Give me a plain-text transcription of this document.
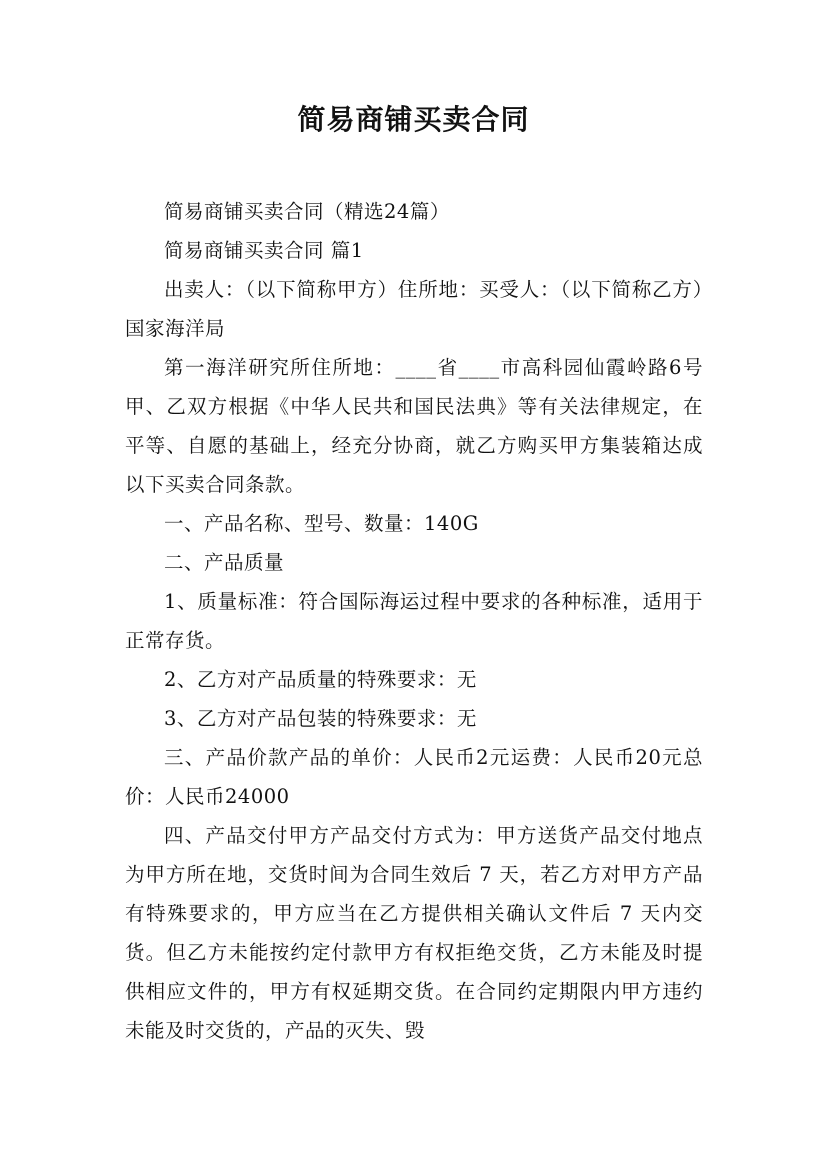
简易商铺买卖合同

简易商铺买卖合同（精选24篇）

简易商铺买卖合同 篇1

出卖人：（以下简称甲方）住所地：买受人：（以下简称乙方）国家海洋局

第一海洋研究所住所地：____省____市高科园仙霞岭路6号甲、乙双方根据《中华人民共和国民法典》等有关法律规定，在平等、自愿的基础上，经充分协商，就乙方购买甲方集装箱达成以下买卖合同条款。

一、产品名称、型号、数量：140G

二、产品质量

1、质量标准：符合国际海运过程中要求的各种标准，适用于正常存货。

2、乙方对产品质量的特殊要求：无

3、乙方对产品包装的特殊要求：无

三、产品价款产品的单价：人民币2元运费：人民币20元总价：人民币24000

四、产品交付甲方产品交付方式为：甲方送货产品交付地点为甲方所在地，交货时间为合同生效后 7 天，若乙方对甲方产品有特殊要求的，甲方应当在乙方提供相关确认文件后 7 天内交货。但乙方未能按约定付款甲方有权拒绝交货，乙方未能及时提供相应文件的，甲方有权延期交货。在合同约定期限内甲方违约未能及时交货的，产品的灭失、毁
